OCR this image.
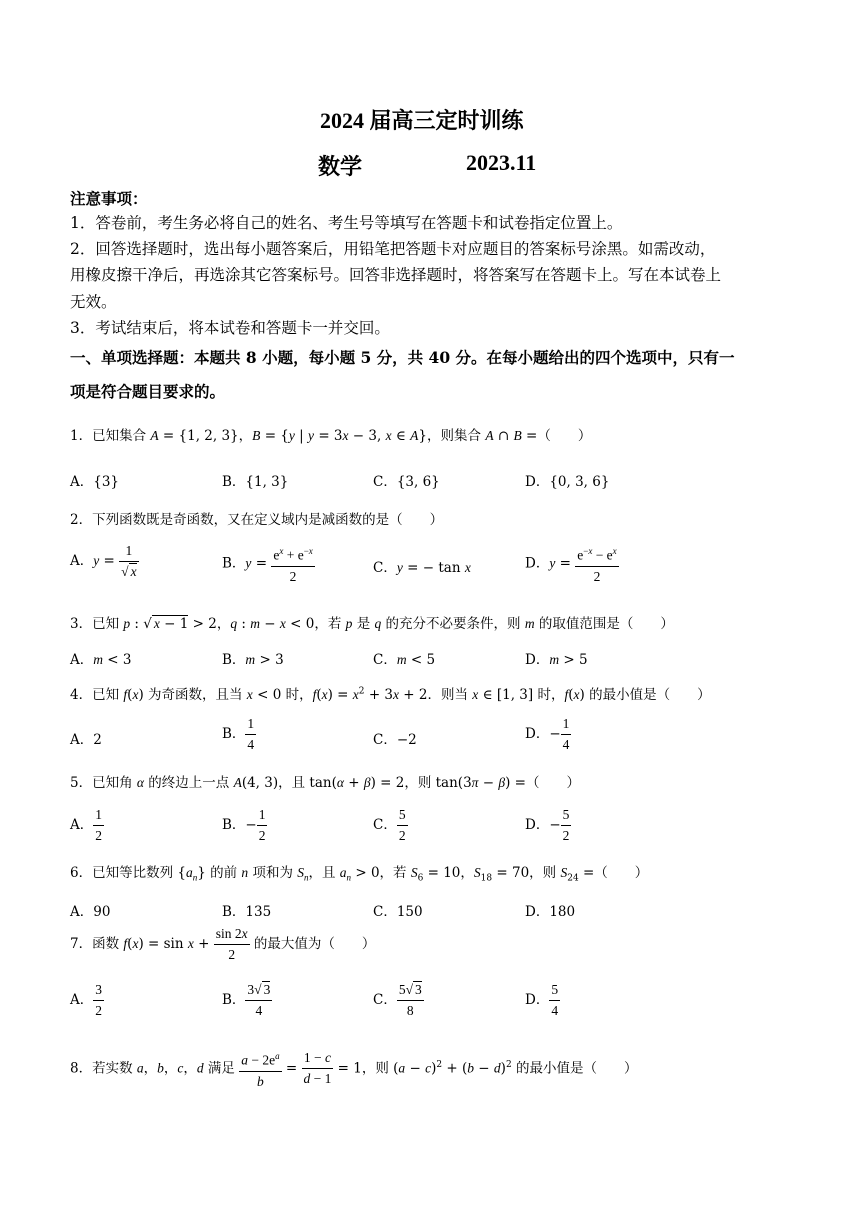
2024 届高三定时训练
数学	2023.11
注意事项：
1．答卷前，考生务必将自己的姓名、考生号等填写在答题卡和试卷指定位置上。
2．回答选择题时，选出每小题答案后，用铅笔把答题卡对应题目的答案标号涂黑。如需改动，
用橡皮擦干净后，再选涂其它答案标号。回答非选择题时，将答案写在答题卡上。写在本试卷上
无效。
3．考试结束后，将本试卷和答题卡一并交回。
一、单项选择题：本题共 8 小题，每小题 5 分，共 40 分。在每小题给出的四个选项中，只有一
项是符合题目要求的。
1．已知集合 A = {1, 2, 3}，B = {y | y = 3x − 3, x ∈ A}，则集合 A ∩ B =（　　）
A．{3}	B．{1, 3}	C．{3, 6}	D．{0, 3, 6}
2．下列函数既是奇函数，又在定义域内是减函数的是（　　）
A．$y = \frac{1}{√ x}$	B．$y = \frac{e^x + e^{-x}}{2}$	C．y = − tan x	D．$y = \frac{e^{-x} - e^x}{2}$
3．已知 p : √ x − 1 > 2，q : m − x < 0，若 p 是 q 的充分不必要条件，则 m 的取值范围是（　　）
A．m < 3	B．m > 3	C．m < 5	D．m > 5
4．已知 f(x) 为奇函数，且当 x < 0 时，$f(x) = x^2 + 3x + 2$．则当 x ∈ [1, 3] 时，f(x) 的最小值是（　　）
A．2	B． $\frac{1}{4}$	C．−2	D．− $\frac{1}{4}$
5．已知角 α 的终边上一点 A(4, 3)，且 tan(α + β) = 2，则 tan(3π − β) =（　　）
A． $\frac{1}{2}$	B．− $\frac{1}{2}$	C． $\frac{5}{2}$	D．− $\frac{5}{2}$
6．已知等比数列 $\{a_n\}$ 的前 n 项和为 $S_n$，且 $a_n > 0$，若 $S_6 = 10$，$S_{18} = 70$，则 $S_{24}$ =（　　）
A．90	B．135	C．150	D．180
7．函数 $f(x) = \sin x + \frac{\sin 2x}{2}$ 的最大值为（　　）
A． $\frac{3}{2}$	B． $\frac{3√ 3}{4}$	C． $\frac{5√ 3}{8}$	D． $\frac{5}{4}$
8．若实数 a，b，c，d 满足 $\frac{a - 2e^a}{b} = \frac{1 - c}{d - 1} = 1$，则 $(a - c)^2 + (b - d)^2$ 的最小值是（　　）
